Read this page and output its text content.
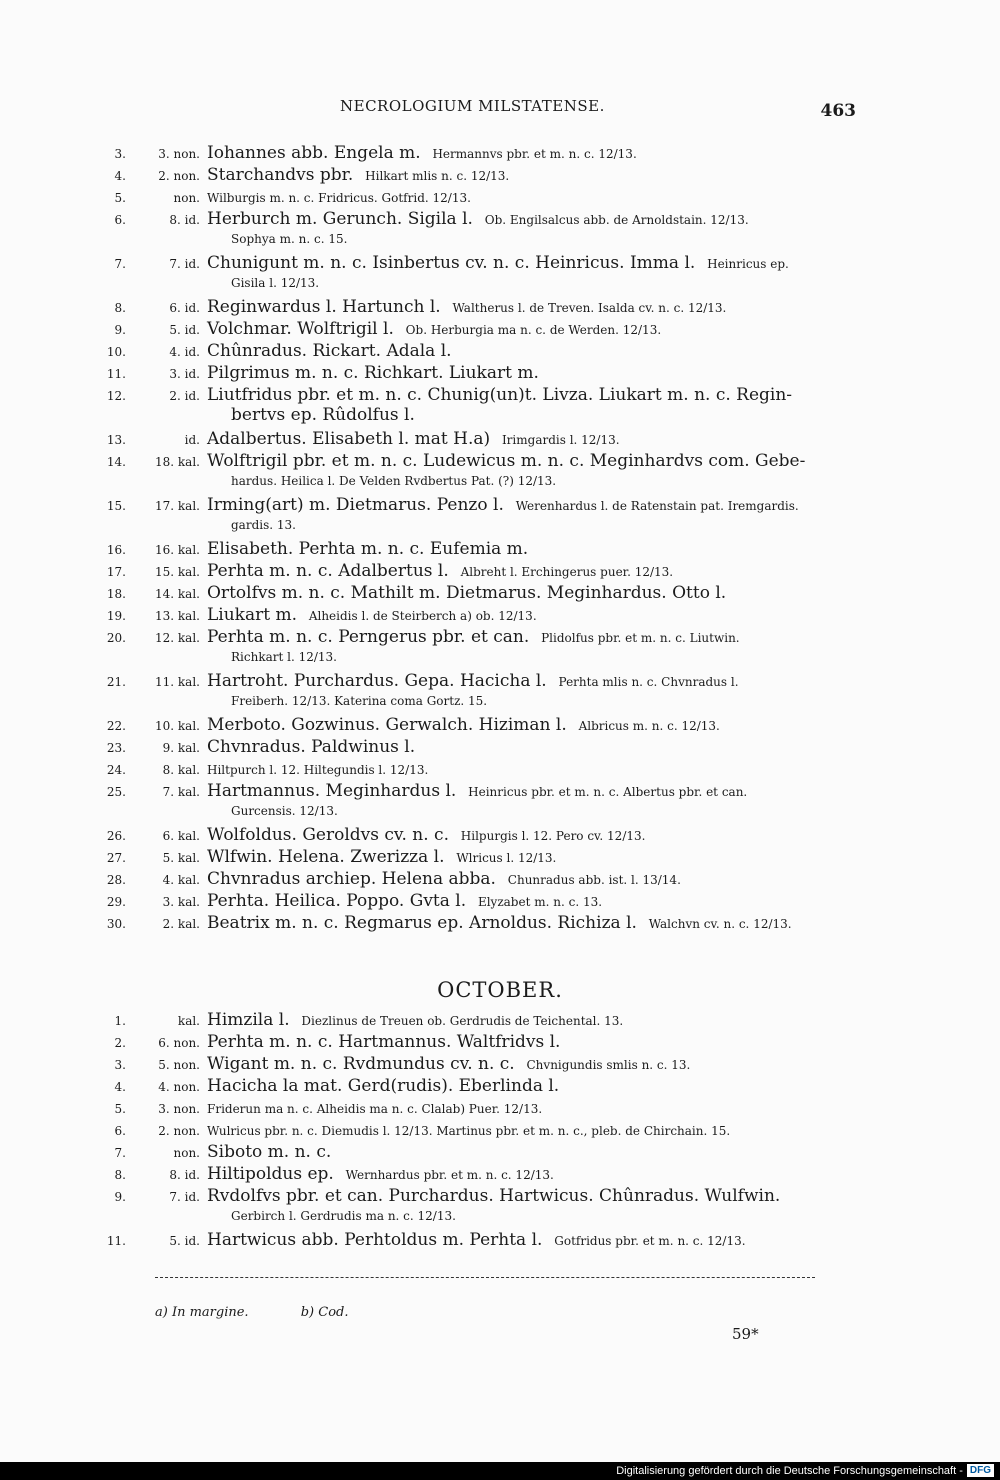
NECROLOGIUM MILSTATENSE.	463
3.	3. non. Iohannes abb. Engela m. Hermannvs pbr. et m. n. c. 12/13.
4.	2. non. Starchandvs pbr. Hilkart mlis n. c. 12/13.
5.	non. Wilburgis m. n. c. Fridricus. Gotfrid. 12/13.
6.	8. id. Herburch m. Gerunch. Sigila l. Ob. Engilsalcus abb. de Arnoldstain. 12/13.
Sophya m. n. c. 15.
7.	7. id. Chunigunt m. n. c. Isinbertus cv. n. c. Heinricus. Imma l. Heinricus ep.
Gisila l. 12/13.
8.	6. id. Reginwardus l. Hartunch l. Waltherus l. de Treven. Isalda cv. n. c. 12/13.
9.	5. id. Volchmar. Wolftrigil l. Ob. Herburgia ma n. c. de Werden. 12/13.
10.	4. id. Chûnradus. Rickart. Adala l.
11.	3. id. Pilgrimus m. n. c. Richkart. Liukart m.
12.	2. id. Liutfridus pbr. et m. n. c. Chunig(un)t. Livza. Liukart m. n. c. Regin-
bertvs ep. Rûdolfus l.
13.	id. Adalbertus. Elisabeth l. mat H.a) Irimgardis l. 12/13.
14.	18. kal. Wolftrigil pbr. et m. n. c. Ludewicus m. n. c. Meginhardvs com. Gebe-
hardus. Heilica l. De Velden Rvdbertus Pat. (?) 12/13.
15.	17. kal. Irming(art) m. Dietmarus. Penzo l. Werenhardus l. de Ratenstain pat. Iremgardis.
gardis. 13.
16.	16. kal. Elisabeth. Perhta m. n. c. Eufemia m.
17.	15. kal. Perhta m. n. c. Adalbertus l. Albreht l. Erchingerus puer. 12/13.
18.	14. kal. Ortolfvs m. n. c. Mathilt m. Dietmarus. Meginhardus. Otto l.
19.	13. kal. Liukart m. Alheidis l. de Steirberch a) ob. 12/13.
20.	12. kal. Perhta m. n. c. Perngerus pbr. et can. Plidolfus pbr. et m. n. c. Liutwin.
Richkart l. 12/13.
21.	11. kal. Hartroht. Purchardus. Gepa. Hacicha l. Perhta mlis n. c. Chvnradus l.
Freiberh. 12/13. Katerina coma Gortz. 15.
22.	10. kal. Merboto. Gozwinus. Gerwalch. Hiziman l. Albricus m. n. c. 12/13.
23.	9. kal. Chvnradus. Paldwinus l.
24.	8. kal. Hiltpurch l. 12. Hiltegundis l. 12/13.
25.	7. kal. Hartmannus. Meginhardus l. Heinricus pbr. et m. n. c. Albertus pbr. et can.
Gurcensis. 12/13.
26.	6. kal. Wolfoldus. Geroldvs cv. n. c. Hilpurgis l. 12. Pero cv. 12/13.
27.	5. kal. Wlfwin. Helena. Zwerizza l. Wlricus l. 12/13.
28.	4. kal. Chvnradus archiep. Helena abba. Chunradus abb. ist. l. 13/14.
29.	3. kal. Perhta. Heilica. Poppo. Gvta l. Elyzabet m. n. c. 13.
30.	2. kal. Beatrix m. n. c. Regmarus ep. Arnoldus. Richiza l. Walchvn cv. n. c. 12/13.
OCTOBER.
1.	kal. Himzila l. Diezlinus de Treuen ob. Gerdrudis de Teichental. 13.
2.	6. non. Perhta m. n. c. Hartmannus. Waltfridvs l.
3.	5. non. Wigant m. n. c. Rvdmundus cv. n. c. Chvnigundis smlis n. c. 13.
4.	4. non. Hacicha la mat. Gerd(rudis). Eberlinda l.
5.	3. non. Friderun ma n. c. Alheidis ma n. c. Clalab) Puer. 12/13.
6.	2. non. Wulricus pbr. n. c. Diemudis l. 12/13. Martinus pbr. et m. n. c., pleb. de Chirchain. 15.
7.	non. Siboto m. n. c.
8.	8. id. Hiltipoldus ep. Wernhardus pbr. et m. n. c. 12/13.
9.	7. id. Rvdolfvs pbr. et can. Purchardus. Hartwicus. Chûnradus. Wulfwin.
Gerbirch l. Gerdrudis ma n. c. 12/13.
11.	5. id. Hartwicus abb. Perhtoldus m. Perhta l. Gotfridus pbr. et m. n. c. 12/13.
a) In margine.	b) Cod.
59*
Digitalisierung gefördert durch die Deutsche Forschungsgemeinschaft - DFG
